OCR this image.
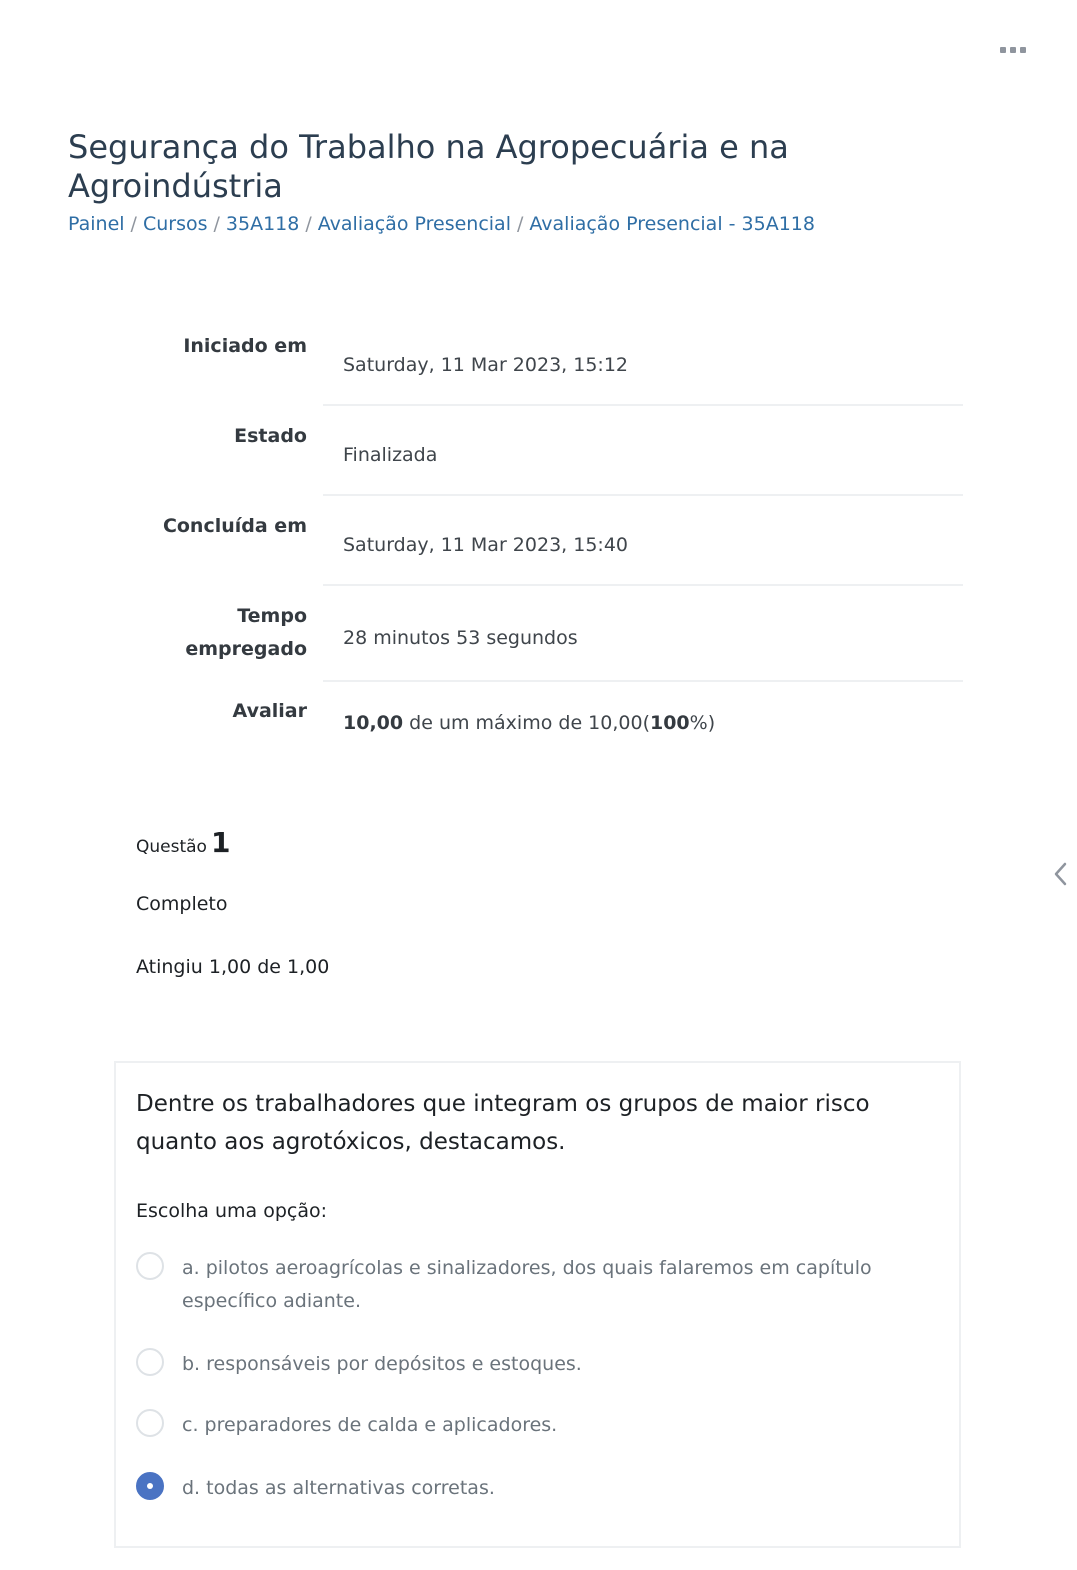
Segurança do Trabalho na Agropecuária e na Agroindústria
Painel / Cursos / 35A118 / Avaliação Presencial / Avaliação Presencial - 35A118
Iniciado em
Saturday, 11 Mar 2023, 15:12
Estado
Finalizada
Concluída em
Saturday, 11 Mar 2023, 15:40
Tempo
empregado 28 minutos 53 segundos
Avaliar
10,00 de um máximo de 10,00(100%)
Questão 1
Completo
Atingiu 1,00 de 1,00
Dentre os trabalhadores que integram os grupos de maior risco quanto aos agrotóxicos, destacamos.
Escolha uma opção:
a. pilotos aeroagrícolas e sinalizadores, dos quais falaremos em capítulo específico adiante.
b. responsáveis por depósitos e estoques.
c. preparadores de calda e aplicadores.
d. todas as alternativas corretas.
